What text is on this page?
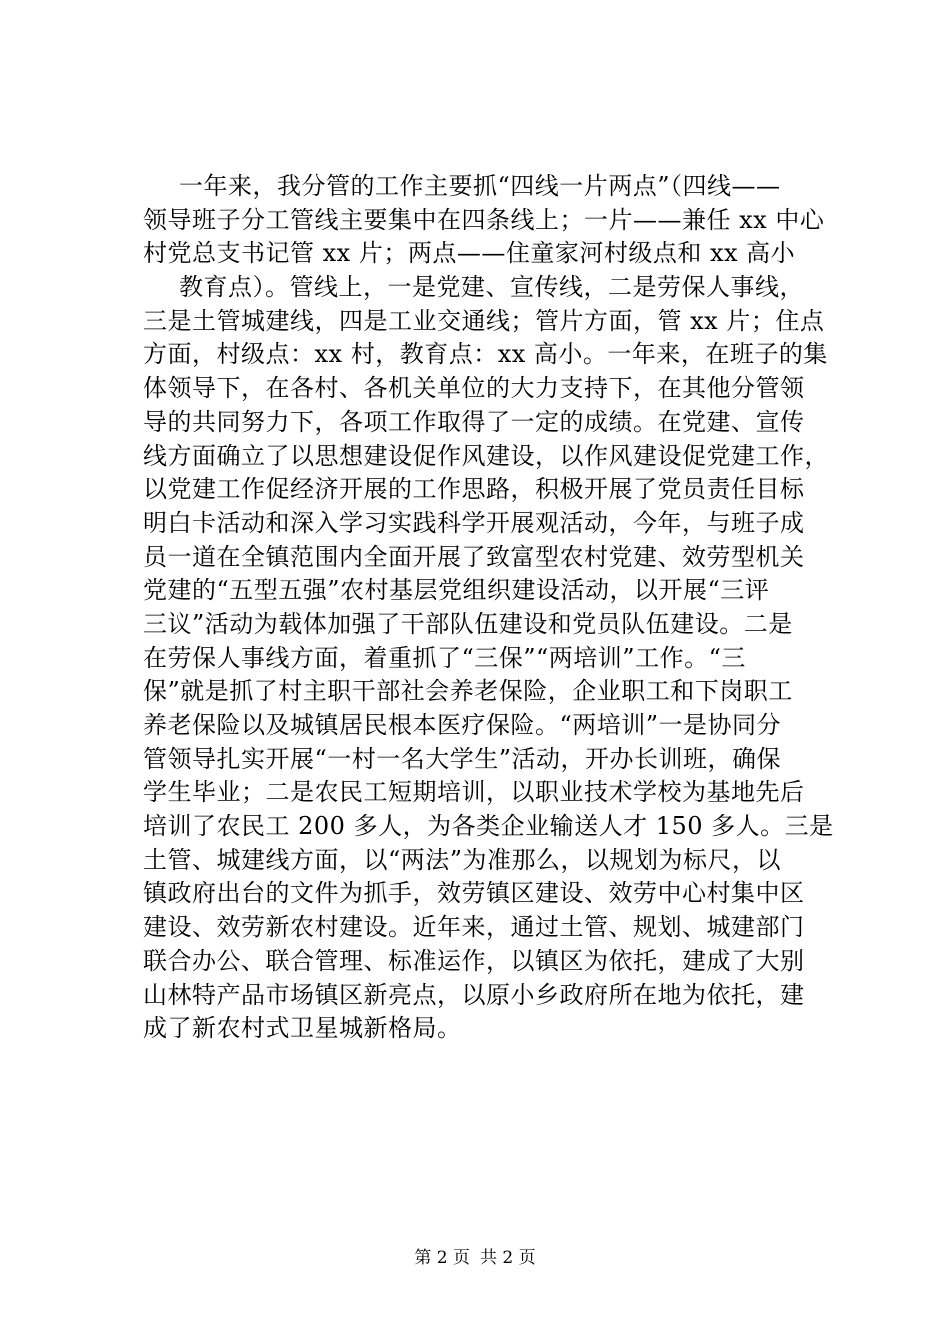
一年来，我分管的工作主要抓“四线一片两点”（四线——
领导班子分工管线主要集中在四条线上；一片——兼任 xx 中心
村党总支书记管 xx 片；两点——住童家河村级点和 xx 高小
教育点）。管线上，一是党建、宣传线，二是劳保人事线，
三是土管城建线，四是工业交通线；管片方面，管 xx 片；住点
方面，村级点：xx 村，教育点：xx 高小。一年来，在班子的集
体领导下，在各村、各机关单位的大力支持下，在其他分管领
导的共同努力下，各项工作取得了一定的成绩。在党建、宣传
线方面确立了以思想建设促作风建设，以作风建设促党建工作，
以党建工作促经济开展的工作思路，积极开展了党员责任目标
明白卡活动和深入学习实践科学开展观活动，今年，与班子成
员一道在全镇范围内全面开展了致富型农村党建、效劳型机关
党建的“五型五强”农村基层党组织建设活动，以开展“三评
三议”活动为载体加强了干部队伍建设和党员队伍建设。二是
在劳保人事线方面，着重抓了“三保”“两培训”工作。“三
保”就是抓了村主职干部社会养老保险，企业职工和下岗职工
养老保险以及城镇居民根本医疗保险。“两培训”一是协同分
管领导扎实开展“一村一名大学生”活动，开办长训班，确保
学生毕业；二是农民工短期培训，以职业技术学校为基地先后
培训了农民工 200 多人，为各类企业输送人才 150 多人。三是
土管、城建线方面，以“两法”为准那么，以规划为标尺，以
镇政府出台的文件为抓手，效劳镇区建设、效劳中心村集中区
建设、效劳新农村建设。近年来，通过土管、规划、城建部门
联合办公、联合管理、标准运作，以镇区为依托，建成了大别
山林特产品市场镇区新亮点，以原小乡政府所在地为依托，建
成了新农村式卫星城新格局。
第 2 页 共 2 页
